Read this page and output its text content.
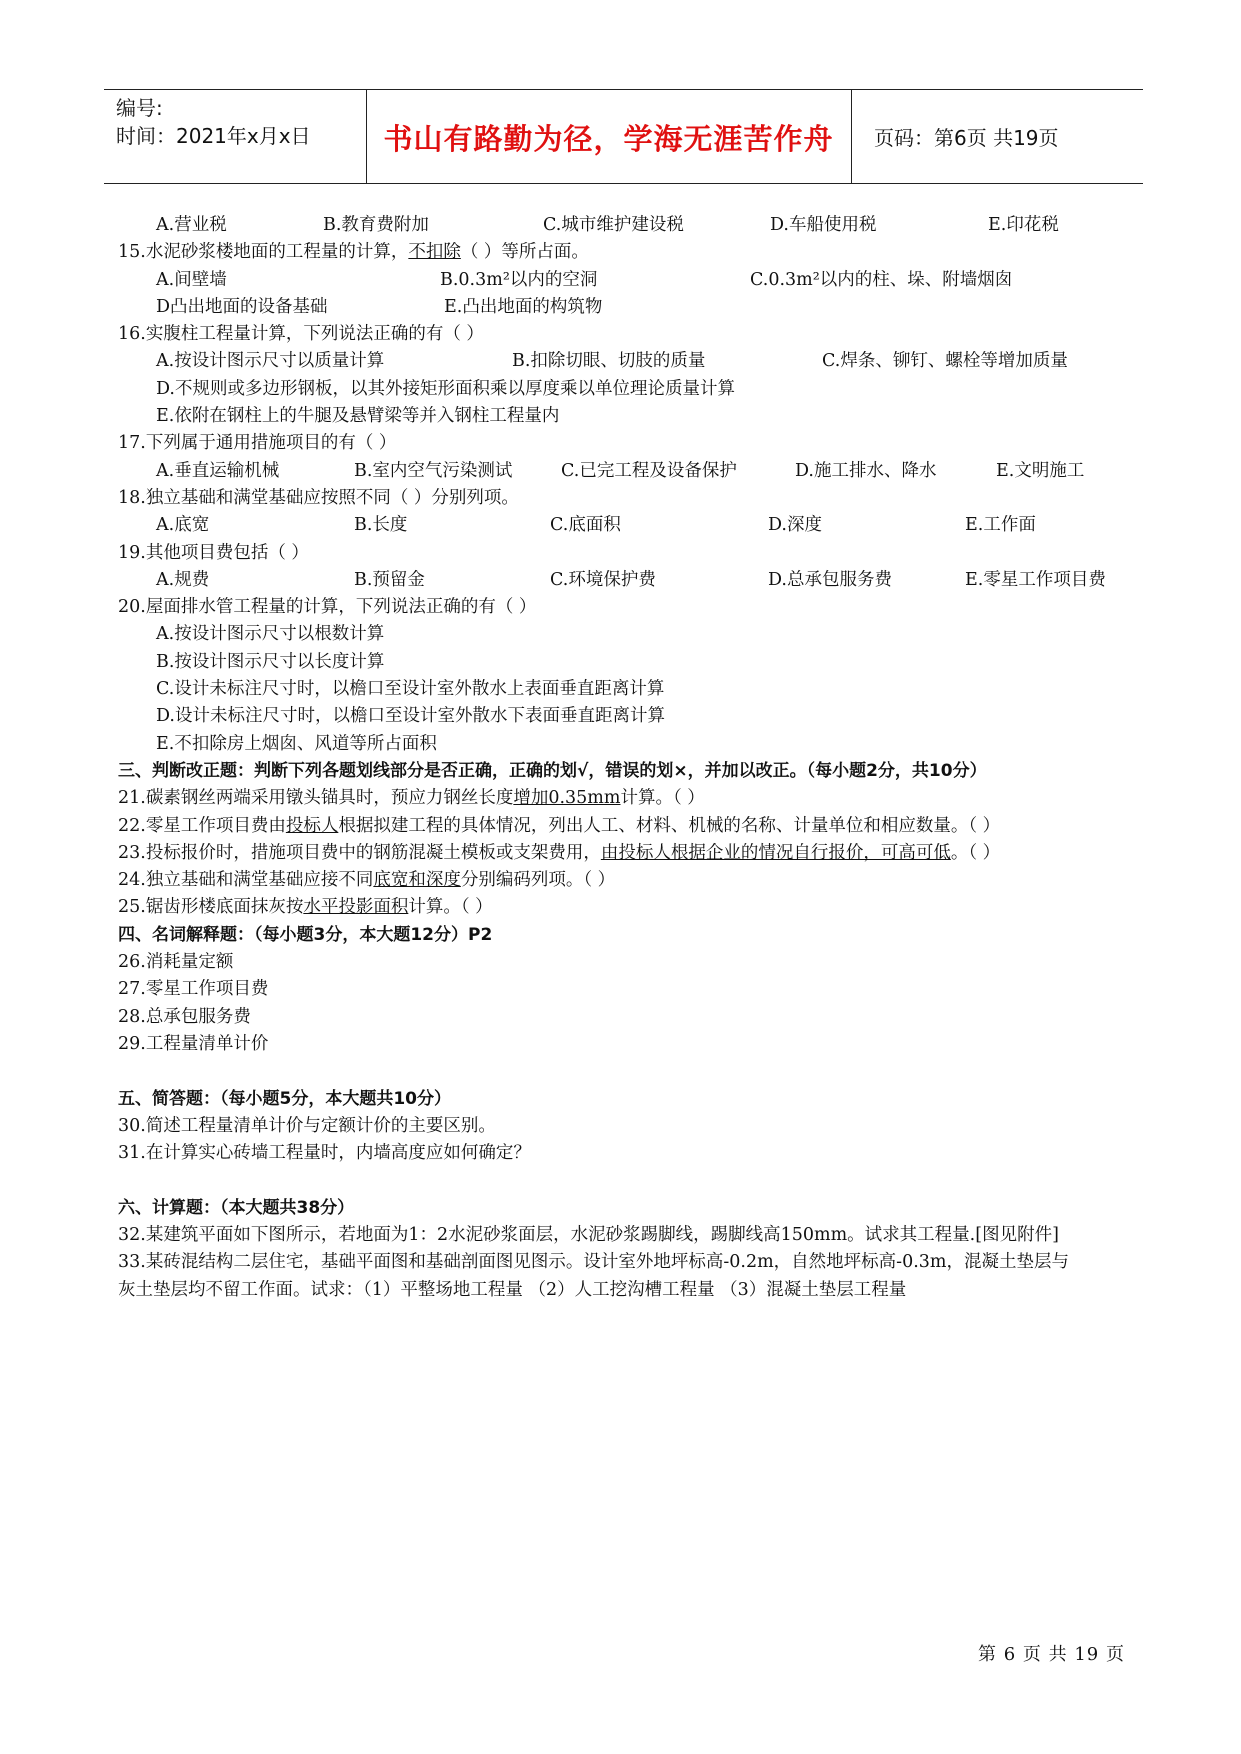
编号:
时间：2021年x月x日	书山有路勤为径，学海无涯苦作舟	页码：第6页 共19页
A.营业税	B.教育费附加	C.城市维护建设税	D.车船使用税	E.印花税
15.水泥砂浆楼地面的工程量的计算，不扣除（ ）等所占面。
A.间壁墙	B.0.3m²以内的空洞	C.0.3m²以内的柱、垛、附墙烟囱
D凸出地面的设备基础	E.凸出地面的构筑物
16.实腹柱工程量计算，下列说法正确的有（ ）
A.按设计图示尺寸以质量计算	B.扣除切眼、切肢的质量	C.焊条、铆钉、螺栓等增加质量
D.不规则或多边形钢板，以其外接矩形面积乘以厚度乘以单位理论质量计算
E.依附在钢柱上的牛腿及悬臂梁等并入钢柱工程量内
17.下列属于通用措施项目的有（ ）
A.垂直运输机械	B.室内空气污染测试	C.已完工程及设备保护	D.施工排水、降水	E.文明施工
18.独立基础和满堂基础应按照不同（ ）分别列项。
A.底宽	B.长度	C.底面积	D.深度	E.工作面
19.其他项目费包括（ ）
A.规费	B.预留金	C.环境保护费	D.总承包服务费	E.零星工作项目费
20.屋面排水管工程量的计算，下列说法正确的有（ ）
A.按设计图示尺寸以根数计算
B.按设计图示尺寸以长度计算
C.设计未标注尺寸时，以檐口至设计室外散水上表面垂直距离计算
D.设计未标注尺寸时，以檐口至设计室外散水下表面垂直距离计算
E.不扣除房上烟囱、风道等所占面积
三、判断改正题：判断下列各题划线部分是否正确，正确的划√，错误的划×，并加以改正。（每小题2分，共10分）
21.碳素钢丝两端采用镦头锚具时，预应力钢丝长度增加0.35mm计算。（ ）
22.零星工作项目费由投标人根据拟建工程的具体情况，列出人工、材料、机械的名称、计量单位和相应数量。（ ）
23.投标报价时，措施项目费中的钢筋混凝土模板或支架费用，由投标人根据企业的情况自行报价，可高可低。（ ）
24.独立基础和满堂基础应接不同底宽和深度分别编码列项。（ ）
25.锯齿形楼底面抹灰按水平投影面积计算。（ ）
四、名词解释题：（每小题3分，本大题12分）P2
26.消耗量定额
27.零星工作项目费
28.总承包服务费
29.工程量清单计价
五、简答题：（每小题5分，本大题共10分）
30.简述工程量清单计价与定额计价的主要区别。
31.在计算实心砖墙工程量时，内墙高度应如何确定？
六、计算题：（本大题共38分）
32.某建筑平面如下图所示，若地面为1：2水泥砂浆面层，水泥砂浆踢脚线，踢脚线高150mm。试求其工程量.[图见附件]
33.某砖混结构二层住宅，基础平面图和基础剖面图见图示。设计室外地坪标高-0.2m，自然地坪标高-0.3m，混凝土垫层与
灰土垫层均不留工作面。试求：（1）平整场地工程量 （2）人工挖沟槽工程量 （3）混凝土垫层工程量
第 6 页 共 19 页
